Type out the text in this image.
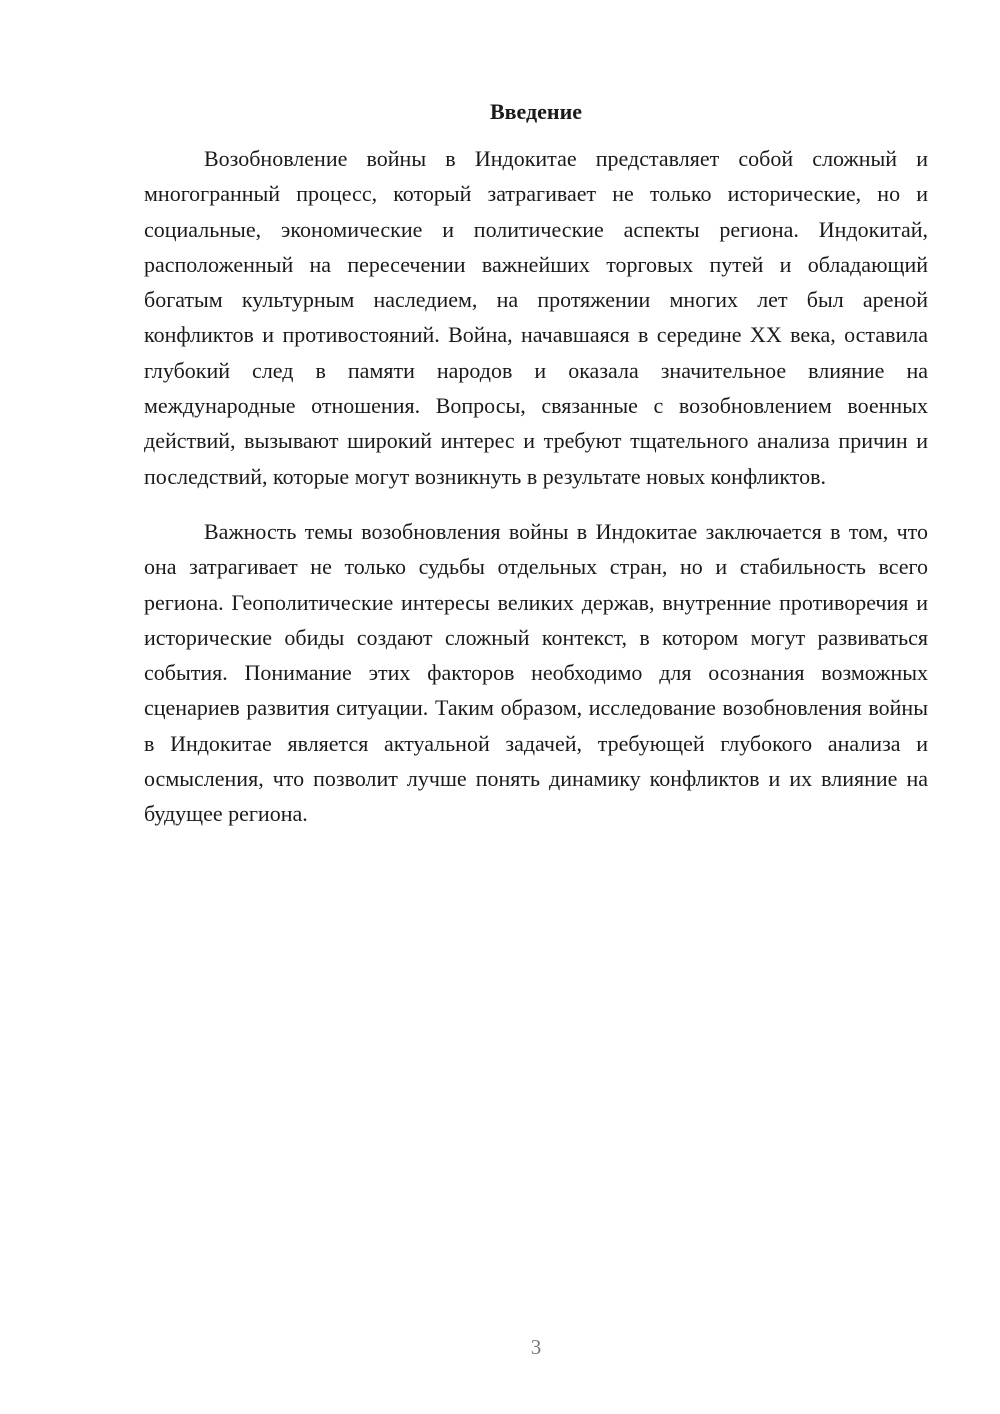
Введение

Возобновление войны в Индокитае представляет собой сложный и многогранный процесс, который затрагивает не только исторические, но и социальные, экономические и политические аспекты региона. Индокитай, расположенный на пересечении важнейших торговых путей и обладающий богатым культурным наследием, на протяжении многих лет был ареной конфликтов и противостояний. Война, начавшаяся в середине XX века, оставила глубокий след в памяти народов и оказала значительное влияние на международные отношения. Вопросы, связанные с возобновлением военных действий, вызывают широкий интерес и требуют тщательного анализа причин и последствий, которые могут возникнуть в результате новых конфликтов.

Важность темы возобновления войны в Индокитае заключается в том, что она затрагивает не только судьбы отдельных стран, но и стабильность всего региона. Геополитические интересы великих держав, внутренние противоречия и исторические обиды создают сложный контекст, в котором могут развиваться события. Понимание этих факторов необходимо для осознания возможных сценариев развития ситуации. Таким образом, исследование возобновления войны в Индокитае является актуальной задачей, требующей глубокого анализа и осмысления, что позволит лучше понять динамику конфликтов и их влияние на будущее региона.

3
